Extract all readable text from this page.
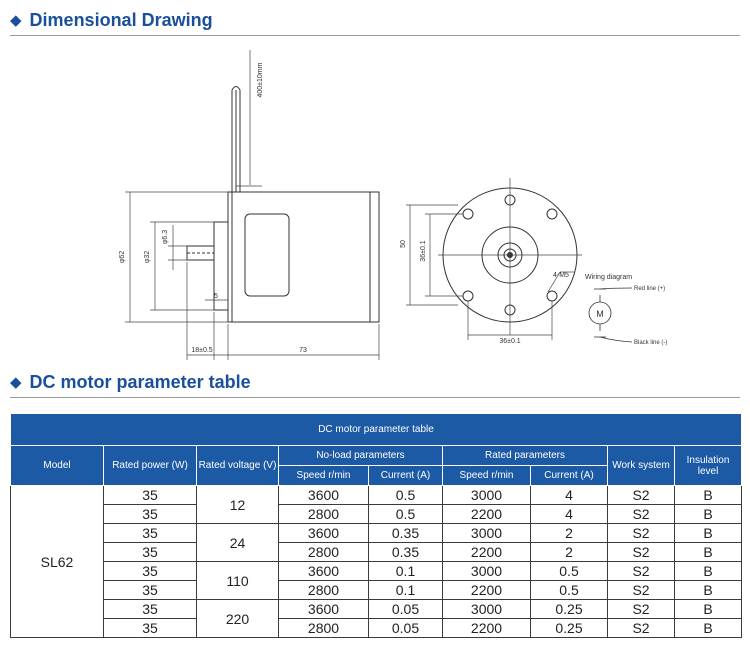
◆ Dimensional Drawing
400±10mm
φ62	φ32
φ6.3
5
18±0.5	73
50 36±0.1
36±0.1
4-M5 Wiring diagram
M
Red line (+)
Black line (-)
◆ DC motor parameter table
DC motor parameter table								
Model	Rated power (W)	Rated voltage (V)	No-load parameters		Rated parameters		Work system	Insulation level
			Speed r/min	Current (A)	Speed r/min	Current (A)		
SL62	35	12	3600	0.5	3000	4	S2	B
	35		2800	0.5	2200	4	S2	B
	35	24	3600	0.35	3000	2	S2	B
	35		2800	0.35	2200	2	S2	B
	35	110	3600	0.1	3000	0.5	S2	B
	35		2800	0.1	2200	0.5	S2	B
	35	220	3600	0.05	3000	0.25	S2	B
	35		2800	0.05	2200	0.25	S2	B
